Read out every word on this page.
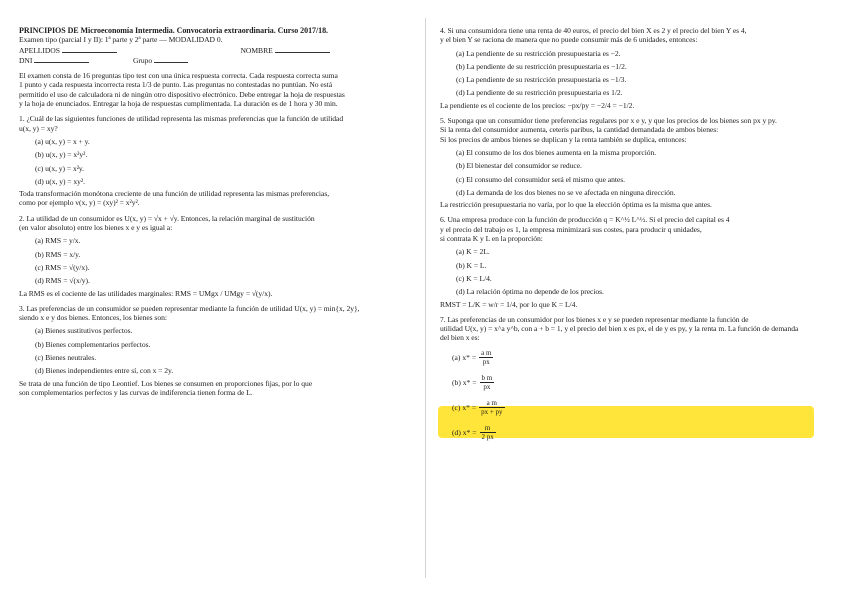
PRINCIPIOS DE Microeconomía Intermedia. Convocatoria extraordinaria. Curso 2017/18.
Examen tipo (parcial I y II): 1ª parte y 2ª parte — MODALIDAD 0.
APELLIDOS	NOMBRE
DNI	Grupo
El examen consta de 16 preguntas tipo test con una única respuesta correcta. Cada respuesta correcta suma
1 punto y cada respuesta incorrecta resta 1/3 de punto. Las preguntas no contestadas no puntúan. No está
permitido el uso de calculadora ni de ningún otro dispositivo electrónico. Debe entregar la hoja de respuestas
y la hoja de enunciados. Entregar la hoja de respuestas cumplimentada. La duración es de 1 hora y 30 min.
1. ¿Cuál de las siguientes funciones de utilidad representa las mismas preferencias que la función de utilidad
u(x, y) = xy?
(a) u(x, y) = x + y.
(b) u(x, y) = x²y².
(c) u(x, y) = x²y.
(d) u(x, y) = xy².
Toda transformación monótona creciente de una función de utilidad representa las mismas preferencias,
como por ejemplo v(x, y) = (xy)² = x²y².
2. La utilidad de un consumidor es U(x, y) = √x + √y. Entonces, la relación marginal de sustitución
(en valor absoluto) entre los bienes x e y es igual a:
(a) RMS = y/x.
(b) RMS = x/y.
(c) RMS = √(y/x).
(d) RMS = √(x/y).
La RMS es el cociente de las utilidades marginales: RMS = UMgx / UMgy = √(y/x).
3. Las preferencias de un consumidor se pueden representar mediante la función de utilidad U(x, y) = min{x, 2y},
siendo x e y dos bienes. Entonces, los bienes son:
(a) Bienes sustitutivos perfectos.
(b) Bienes complementarios perfectos.
(c) Bienes neutrales.
(d) Bienes independientes entre sí, con x = 2y.
Se trata de una función de tipo Leontief. Los bienes se consumen en proporciones fijas, por lo que
son complementarios perfectos y las curvas de indiferencia tienen forma de L.
4. Si una consumidora tiene una renta de 40 euros, el precio del bien X es 2 y el precio del bien Y es 4,
y el bien Y se raciona de manera que no puede consumir más de 6 unidades, entonces:
(a) La pendiente de su restricción presupuestaria es −2.
(b) La pendiente de su restricción presupuestaria es −1/2.
(c) La pendiente de su restricción presupuestaria es −1/3.
(d) La pendiente de su restricción presupuestaria es 1/2.
La pendiente es el cociente de los precios: −px/py = −2/4 = −1/2.
5. Suponga que un consumidor tiene preferencias regulares por x e y, y que los precios de los bienes son px y py.
Si la renta del consumidor aumenta, ceteris paribus, la cantidad demandada de ambos bienes:
Si los precios de ambos bienes se duplican y la renta también se duplica, entonces:
(a) El consumo de los dos bienes aumenta en la misma proporción.
(b) El bienestar del consumidor se reduce.
(c) El consumo del consumidor será el mismo que antes.
(d) La demanda de los dos bienes no se ve afectada en ninguna dirección.
La restricción presupuestaria no varía, por lo que la elección óptima es la misma que antes.
6. Una empresa produce con la función de producción q = K^½ L^½. Si el precio del capital es 4
y el precio del trabajo es 1, la empresa minimizará sus costes, para producir q unidades,
si contrata K y L en la proporción:
(a) K = 2L.
(b) K = L.
(c) K = L/4.
(d) La relación óptima no depende de los precios.
RMST = L/K = w/r = 1/4, por lo que K = L/4.
7. Las preferencias de un consumidor por los bienes x e y se pueden representar mediante la función de
utilidad U(x, y) = x^a y^b, con a + b = 1, y el precio del bien x es px, el de y es py, y la renta m. La función de demanda
del bien x es:
(a) $x* = \frac{\text{a m}}{px}$
(b) $x* = \frac{\text{b m}}{px}$
(c) $x* = \frac{\text{a m}}{px + py}$
(d) $x* = \frac{m}{2 px}$
